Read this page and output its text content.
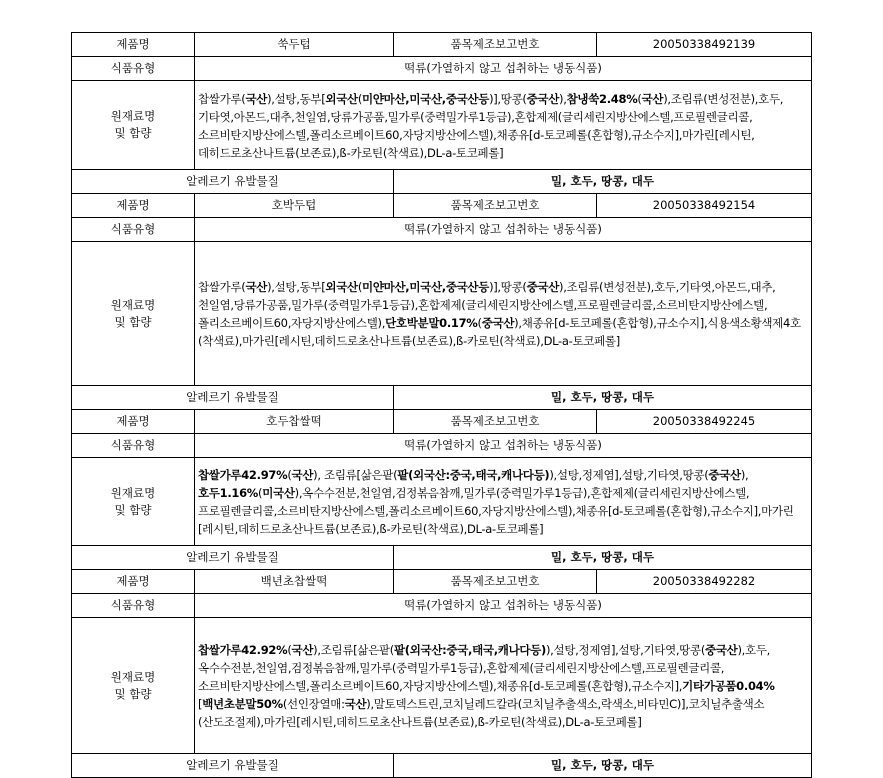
제품명	쑥두텁	품목제조보고번호	20050338492139
식품유형	떡류(가열하지 않고 섭취하는 냉동식품)		
원재료명
및 함량	찹쌀가루(국산),설탕,동부[외국산(미얀마산,미국산,중국산등)],땅콩(중국산),참냉쑥2.48%(국산),조림류(변성전분),호두,기타엿,아몬드,대추,천일염,당류가공품,밀가루(중력밀가루1등급),혼합제제(글리세린지방산에스텔,프로필렌글리콜,소르비탄지방산에스텔,폴리소르베이트60,자당지방산에스텔),채종유[d-토코페롤(혼합형),규소수지],마가린[레시틴,데히드로초산나트륨(보존료),ß-카로틴(착색료),DL-a-토코페롤]		
알레르기 유발물질		밀, 호두, 땅콩, 대두	
제품명	호박두텁	품목제조보고번호	20050338492154
식품유형	떡류(가열하지 않고 섭취하는 냉동식품)		
원재료명
및 함량	찹쌀가루(국산),설탕,동부[외국산(미얀마산,미국산,중국산등)],땅콩(중국산),조림류(변성전분),호두,기타엿,아몬드,대추,천일염,당류가공품,밀가루(중력밀가루1등급),혼합제제(글리세린지방산에스텔,프로필렌글리콜,소르비탄지방산에스텔,폴리소르베이트60,자당지방산에스텔),단호박분말0.17%(중국산),채종유[d-토코페롤(혼합형),규소수지],식용색소황색제4호(착색료),마가린[레시틴,데히드로초산나트륨(보존료),ß-카로틴(착색료),DL-a-토코페롤]		
알레르기 유발물질		밀, 호두, 땅콩, 대두	
제품명	호두찹쌀떡	품목제조보고번호	20050338492245
식품유형	떡류(가열하지 않고 섭취하는 냉동식품)		
원재료명
및 함량	찹쌀가루42.97%(국산), 조림류[삶은팥(팥(외국산:중국,태국,캐나다등)),설탕,정제염],설탕,기타엿,땅콩(중국산),호두1.16%(미국산),옥수수전분,천일염,검정볶음참깨,밀가루(중력밀가루1등급),혼합제제(글리세린지방산에스텔,프로필렌글리콜,소르비탄지방산에스텔,폴리소르베이트60,자당지방산에스텔),채종유[d-토코페롤(혼합형),규소수지],마가린[레시틴,데히드로초산나트륨(보존료),ß-카로틴(착색료),DL-a-토코페롤]		
알레르기 유발물질		밀, 호두, 땅콩, 대두	
제품명	백년초찹쌀떡	품목제조보고번호	20050338492282
식품유형	떡류(가열하지 않고 섭취하는 냉동식품)		
원재료명
및 함량	찹쌀가루42.92%(국산),조림류[삶은팥(팥(외국산:중국,태국,캐나다등)),설탕,정제염],설탕,기타엿,땅콩(중국산),호두,옥수수전분,천일염,검정볶음참깨,밀가루(중력밀가루1등급),혼합제제(글리세린지방산에스텔,프로필렌글리콜,소르비탄지방산에스텔,폴리소르베이트60,자당지방산에스텔),채종유[d-토코페롤(혼합형),규소수지],기타가공품0.04%[백년초분말50%(선인장열매:국산),말토덱스트린,코치닐레드칼라(코치닐추출색소,락색소,비타민C)],코치닐추출색소(산도조절제),마가린[레시틴,데히드로초산나트륨(보존료),ß-카로틴(착색료),DL-a-토코페롤]		
알레르기 유발물질		밀, 호두, 땅콩, 대두	
